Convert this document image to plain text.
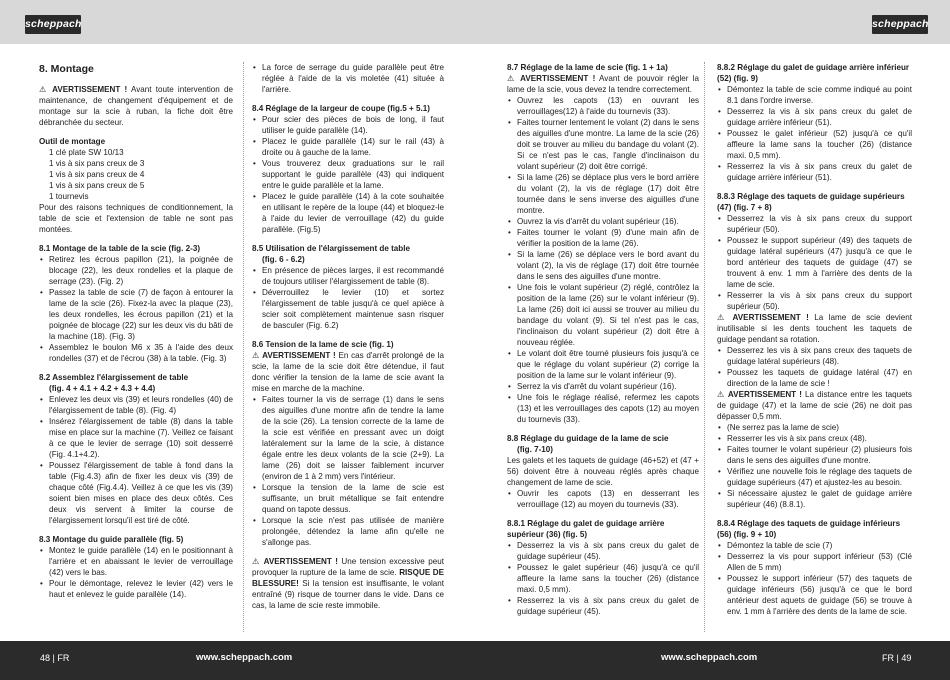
scheppach	scheppach
8. Montage

⚠ AVERTISSEMENT ! Avant toute intervention de maintenance, de changement d'équipement et de montage sur la scie à ruban, la fiche doit être débranchée du secteur.

Outil de montage
1 clé plate SW 10/13
1 vis à six pans creux de 3
1 vis à six pans creux de 4
1 vis à six pans creux de 5
1 tournevis

Pour des raisons techniques de conditionnement, la table de scie et l'extension de table ne sont pas montées.

8.1 Montage de la table de la scie (fig. 2-3)
• Retirez les écrous papillon (21), la poignée de blocage (22), les deux rondelles et la plaque de serrage (23). (Fig. 2)
• Passez la table de scie (7) de façon à entourer la lame de la scie (26). Fixez-la avec la plaque (23), les deux rondelles, les écrous papillon (21) et la poignée de blocage (22) sur les deux vis du bâti de la machine (18). (Fig. 3)
• Assemblez le boulon M6 x 35 à l'aide des deux rondelles (37) et de l'écrou (38) à la table. (Fig. 3)
8.2 Assemblez l'élargissement de table
(fig. 4 + 4.1 + 4.2 + 4.3 + 4.4)
• Enlevez les deux vis (39) et leurs rondelles (40) de l'élargissement de table (8). (Fig. 4)
• Insérez l'élargissement de table (8) dans la table mise en place sur la machine (7). Veillez ce faisant à ce que le levier de serrage (10) soit desserré (Fig. 4.1+4.2).
• Poussez l'élargissement de table à fond dans la table (Fig.4.3) afin de fixer les deux vis (39) de chaque côté (Fig.4.4). Veillez à ce que les vis (39) soient bien mises en place des deux côtés. Ces deux vis servent à limiter la course de l'élargissement lorsqu'il est tiré de côté.
8.3 Montage du guide parallèle (fig. 5)
• Montez le guide parallèle (14) en le positionnant à l'arrière et en abaissant le levier de verrouillage (42) vers le bas.
• Pour le démontage, relevez le levier (42) vers le haut et enlevez le guide parallèle (14).
• La force de serrage du guide parallèle peut être réglée à l'aide de la vis moletée (41) située à l'arrière.
8.4 Réglage de la largeur de coupe (fig.5 + 5.1)
• Pour scier des pièces de bois de long, il faut utiliser le guide parallèle (14).
• Placez le guide parallèle (14) sur le rail (43) à droite ou à gauche de la lame.
• Vous trouverez deux graduations sur le rail supportant le guide parallèle (43) qui indiquent entre le guide parallèle et la lame.
• Placez le guide parallèle (14) à la cote souhaitée en utilisant le repère de la loupe (44) et bloquez-le à l'aide du levier de verrouillage (42) du guide parallèle. (Fig.5)
8.5 Utilisation de l'élargissement de table
(fig. 6 - 6.2)
• En présence de pièces larges, il est recommandé de toujours utiliser l'élargissement de table (8).
• Déverrouillez le levier (10) et sortez l'élargissement de table jusqu'à ce quel apièce à scier soit complètement maintenue sasn risquer de basculer (Fig. 6.2)
8.6 Tension de la lame de scie (fig. 1)

⚠ AVERTISSEMENT ! En cas d'arrêt prolongé de la scie, la lame de la scie doit être détendue, il faut donc vérifier la tension de la lame de scie avant la mise en marche de la machine.

• Faites tourner la vis de serrage (1) dans le sens des aiguilles d'une montre afin de tendre la lame de la scie (26). La tension correcte de la lame de la scie est vérifiée en pressant avec un doigt latéralement sur la lame de la scie, à distance égale entre les deux volants de la scie (2+9). La lame (26) doit se laisser faiblement incurver (environ de 1 à 2 mm) vers l'intérieur.
• Lorsque la tension de la lame de scie est suffisante, un bruit métallique se fait entendre quand on tapote dessus.
• Lorsque la scie n'est pas utilisée de manière prolongée, détendez la lame afin qu'elle ne s'allonge pas.

⚠ AVERTISSEMENT ! Une tension excessive peut provoquer la rupture de la lame de scie. RISQUE DE BLESSURE! Si la tension est insuffisante, le volant entraîné (9) risque de tourner dans le vide. Dans ce cas, la lame de scie reste immobile.

8.7 Réglage de la lame de scie (fig. 1 + 1a)

⚠ AVERTISSEMENT ! Avant de pouvoir régler la lame de la scie, vous devez la tendre correctement.

• Ouvrez les capots (13) en ouvrant les verrouillages(12) à l'aide du tournevis (33).
• Faites tourner lentement le volant (2) dans le sens des aiguilles d'une montre. La lame de la scie (26) doit se trouver au milieu du bandage du volant (2). Si ce n'est pas le cas, l'angle d'inclinaison du volant supérieur (2) doit être corrigé.
• Si la lame (26) se déplace plus vers le bord arrière du volant (2), la vis de réglage (17) doit être tournée dans le sens inverse des aiguilles d'une montre.
• Ouvrez la vis d'arrêt du volant supérieur (16).
• Faites tourner le volant (9) d'une main afin de vérifier la position de la lame (26).
• Si la lame (26) se déplace vers le bord avant du volant (2), la vis de réglage (17) doit être tournée dans le sens des aiguilles d'une montre.
• Une fois le volant supérieur (2) réglé, contrôlez la position de la lame (26) sur le volant inférieur (9). La lame (26) doit ici aussi se trouver au milieu du bandage du volant (9). Si tel n'est pas le cas, l'inclinaison du volant supérieur (2) doit être à nouveau réglée.
• Le volant doit être tourné plusieurs fois jusqu'à ce que le réglage du volant supérieur (2) corrige la position de la lame sur le volant inférieur (9).
• Serrez la vis d'arrêt du volant supérieur (16).
• Une fois le réglage réalisé, refermez les capots (13) et les verrouillages des capots (12) au moyen du tournevis (33).
8.8 Réglage du guidage de la lame de scie
(fig. 7-10)

Les galets et les taquets de guidage (46+52) et (47 + 56) doivent être à nouveau réglés après chaque changement de lame de scie.

• Ouvrir les capots (13) en desserrant les verrouillage (12) au moyen du tournevis (33).
8.8.1 Réglage du galet de guidage arrière supérieur (36) (fig. 5)
• Desserrez la vis à six pans creux du galet de guidage supérieur (45).
• Poussez le galet supérieur (46) jusqu'à ce qu'il affleure la lame sans la toucher (26) (distance maxi. 0,5 mm).
• Resserrez la vis à six pans creux du galet de guidage supérieur (45).
8.8.2 Réglage du galet de guidage arrière inférieur (52) (fig. 9)
• Démontez la table de scie comme indiqué au point 8.1 dans l'ordre inverse.
• Desserrez la vis à six pans creux du galet de guidage arrière inférieur (51).
• Poussez le galet inférieur (52) jusqu'à ce qu'il affleure la lame sans la toucher (26) (distance maxi. 0,5 mm).
• Resserrez la vis à six pans creux du galet de guidage arrière inférieur (51).
8.8.3 Réglage des taquets de guidage supérieurs (47) (fig. 7 + 8)
• Desserrez la vis à six pans creux du support supérieur (50).
• Poussez le support supérieur (49) des taquets de guidage latéral supérieurs (47) jusqu'à ce que le bord antérieur des taquets de guidage (47) se trouvent à env. 1 mm à l'arrière des dents de la lame de scie.
• Resserrer la vis à six pans creux du support supérieur (50).

⚠ AVERTISSEMENT ! La lame de scie devient inutilisable si les dents touchent les taquets de guidage pendant sa rotation.

• Desserrez les vis à six pans creux des taquets de guidage latéral supérieurs (48).
• Poussez les taquets de guidage latéral (47) en direction de la lame de scie !

⚠ AVERTISSEMENT ! La distance entre les taquets de guidage (47) et la lame de scie (26) ne doit pas dépasser 0,5 mm.

• (Ne serrez pas la lame de scie)
• Resserrer les vis à six pans creux (48).
• Faites tourner le volant supérieur (2) plusieurs fois dans le sens des aiguilles d'une montre.
• Vérifiez une nouvelle fois le réglage des taquets de guidage supérieurs (47) et ajustez-les au besoin.
• Si nécessaire ajustez le galet de guidage arrière supérieur (46) (8.8.1).
8.8.4 Réglage des taquets de guidage inférieurs (56) (fig. 9 + 10)
• Démontez la table de scie (7)
• Desserrez la vis pour support inférieur (53) (Clé Allen de 5 mm)
• Poussez le support inférieur (57) des taquets de guidage inférieurs (56) jusqu'à ce que le bord antérieur dest aquets de guidage (56) se trouve à env. 1 mm à l'arrière des dents de la lame de scie.
48 | FR	www.scheppach.com	www.scheppach.com	FR | 49
